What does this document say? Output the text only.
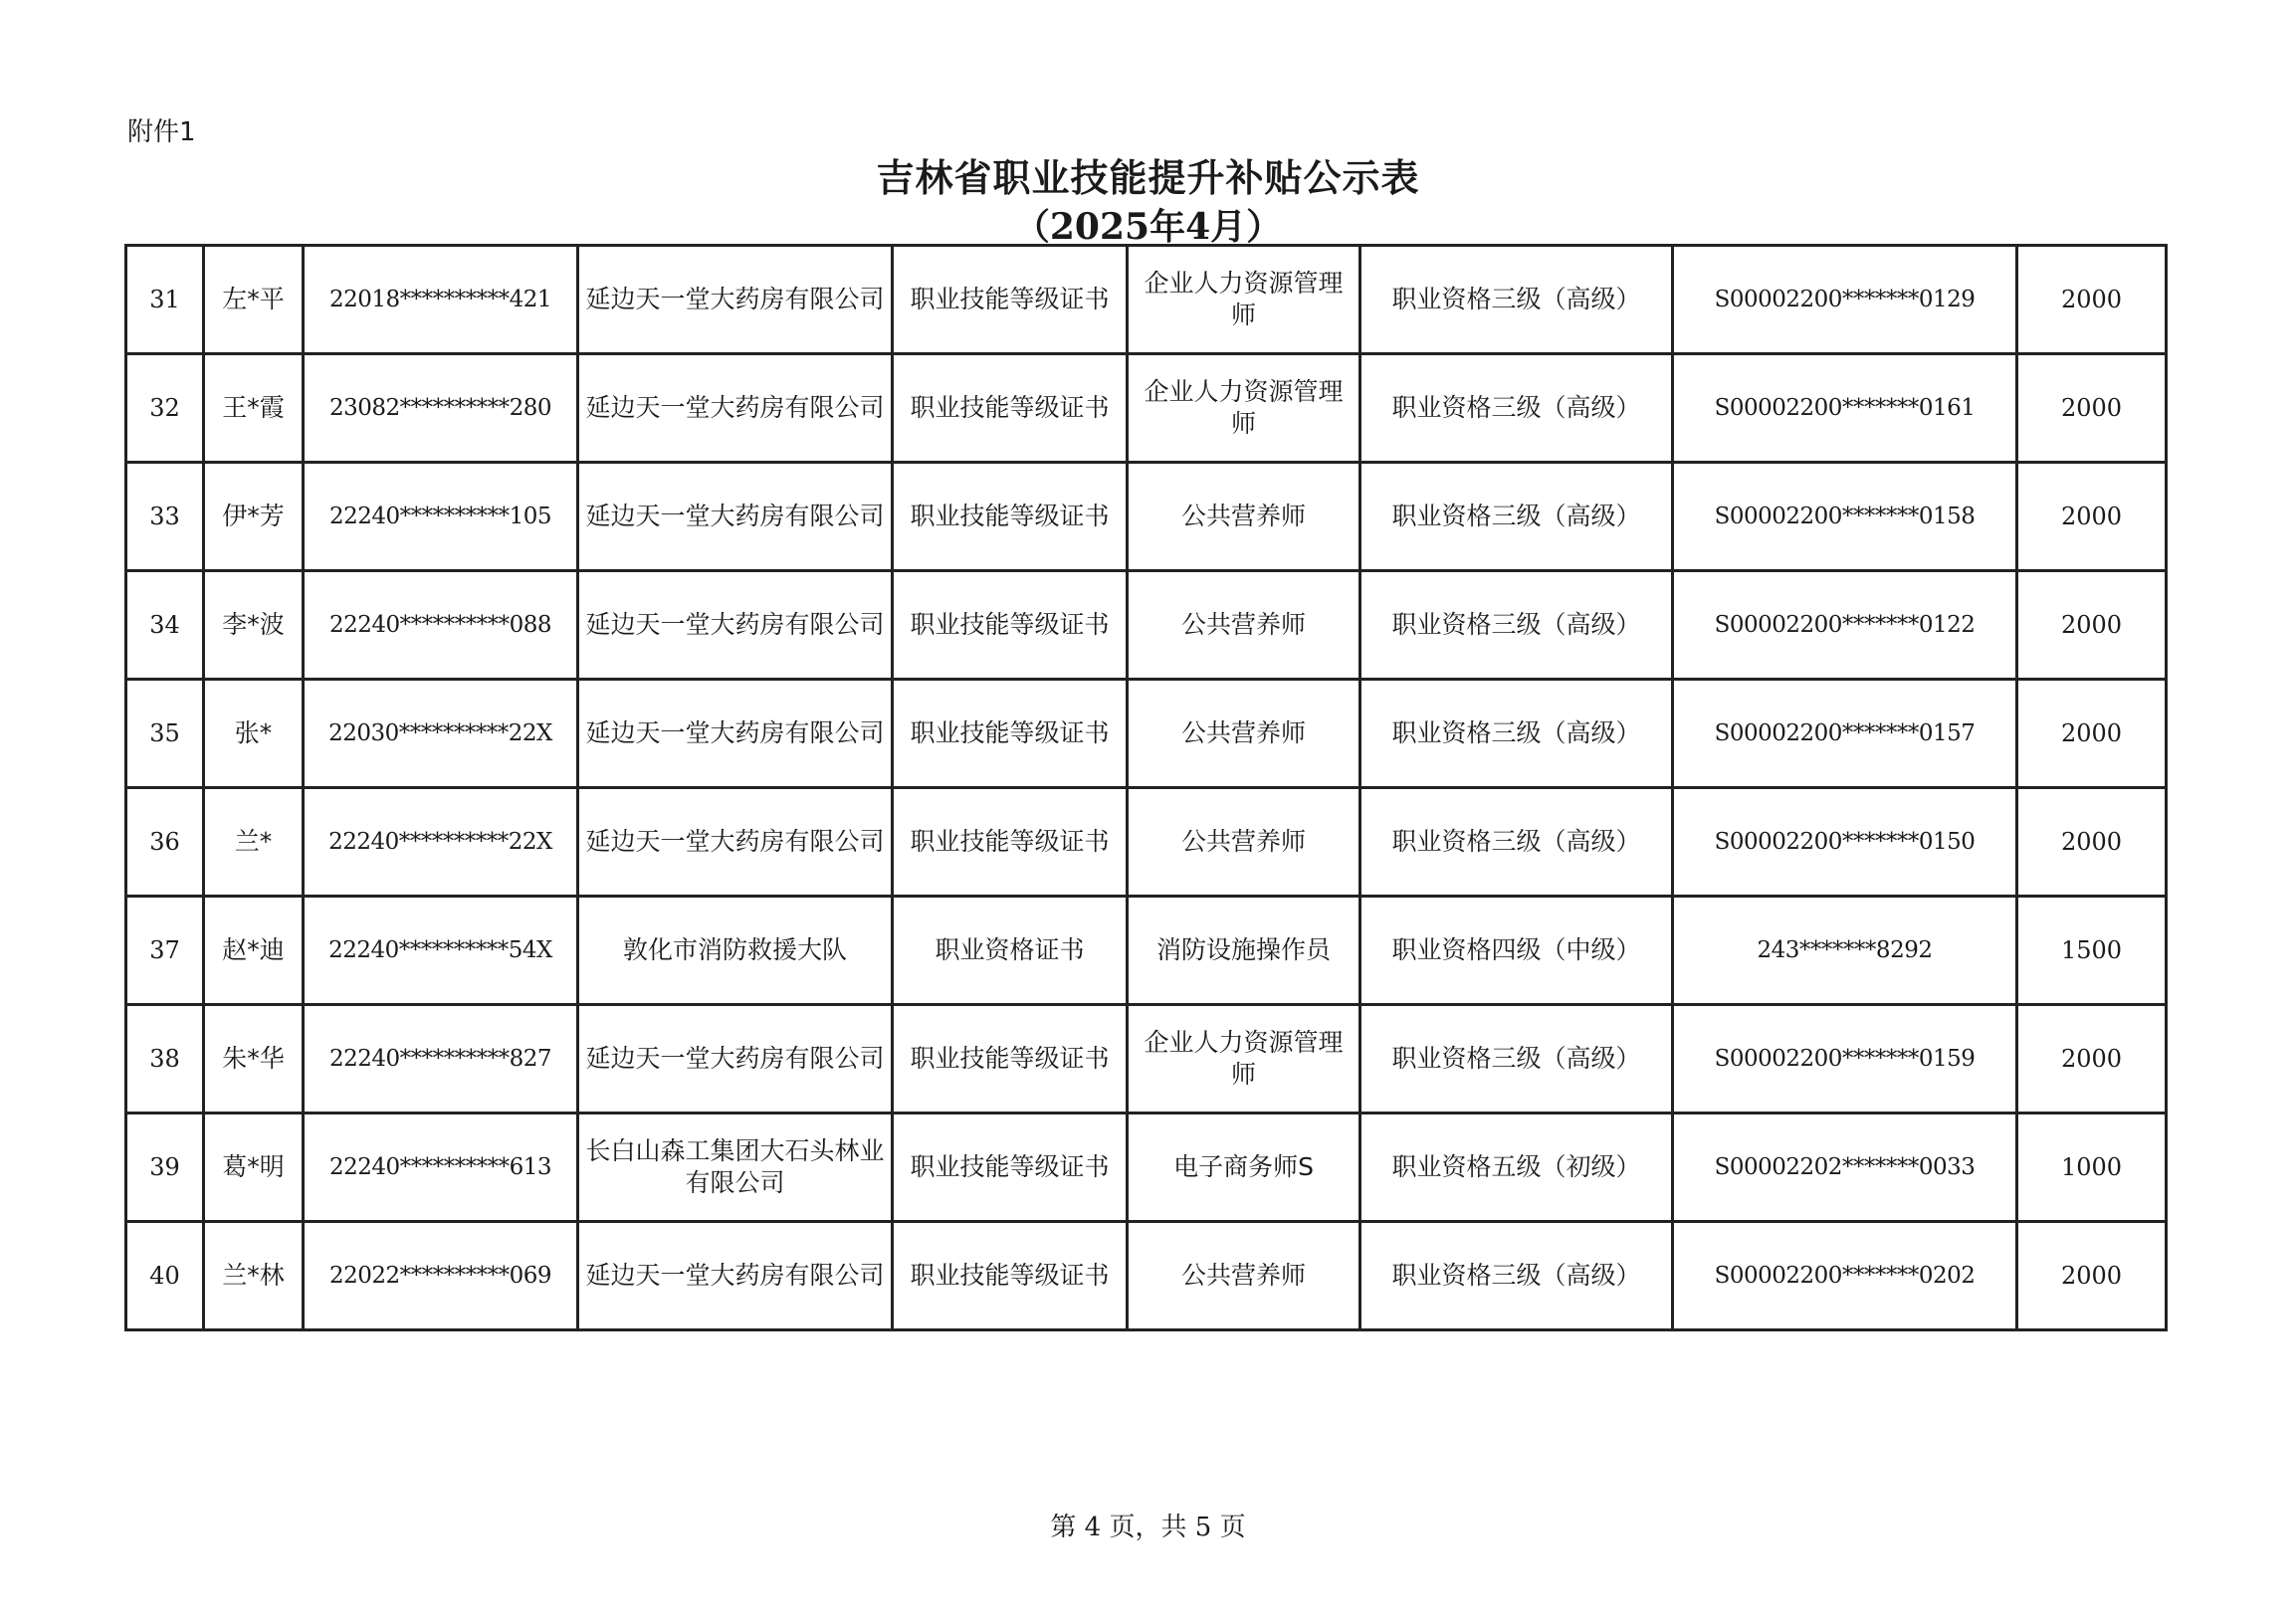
附件1
吉林省职业技能提升补贴公示表
（2025年4月）
31	左*平	22018**********421	延边天一堂大药房有限公司	职业技能等级证书	企业人力资源管理师	职业资格三级（高级）	S00002200*******0129	2000
32	王*霞	23082**********280	延边天一堂大药房有限公司	职业技能等级证书	企业人力资源管理师	职业资格三级（高级）	S00002200*******0161	2000
33	伊*芳	22240**********105	延边天一堂大药房有限公司	职业技能等级证书	公共营养师	职业资格三级（高级）	S00002200*******0158	2000
34	李*波	22240**********088	延边天一堂大药房有限公司	职业技能等级证书	公共营养师	职业资格三级（高级）	S00002200*******0122	2000
35	张*	22030**********22X	延边天一堂大药房有限公司	职业技能等级证书	公共营养师	职业资格三级（高级）	S00002200*******0157	2000
36	兰*	22240**********22X	延边天一堂大药房有限公司	职业技能等级证书	公共营养师	职业资格三级（高级）	S00002200*******0150	2000
37	赵*迪	22240**********54X	敦化市消防救援大队	职业资格证书	消防设施操作员	职业资格四级（中级）	243*******8292	1500
38	朱*华	22240**********827	延边天一堂大药房有限公司	职业技能等级证书	企业人力资源管理师	职业资格三级（高级）	S00002200*******0159	2000
39	葛*明	22240**********613	长白山森工集团大石头林业有限公司	职业技能等级证书	电子商务师S	职业资格五级（初级）	S00002202*******0033	1000
40	兰*林	22022**********069	延边天一堂大药房有限公司	职业技能等级证书	公共营养师	职业资格三级（高级）	S00002200*******0202	2000
第 4 页，共 5 页
